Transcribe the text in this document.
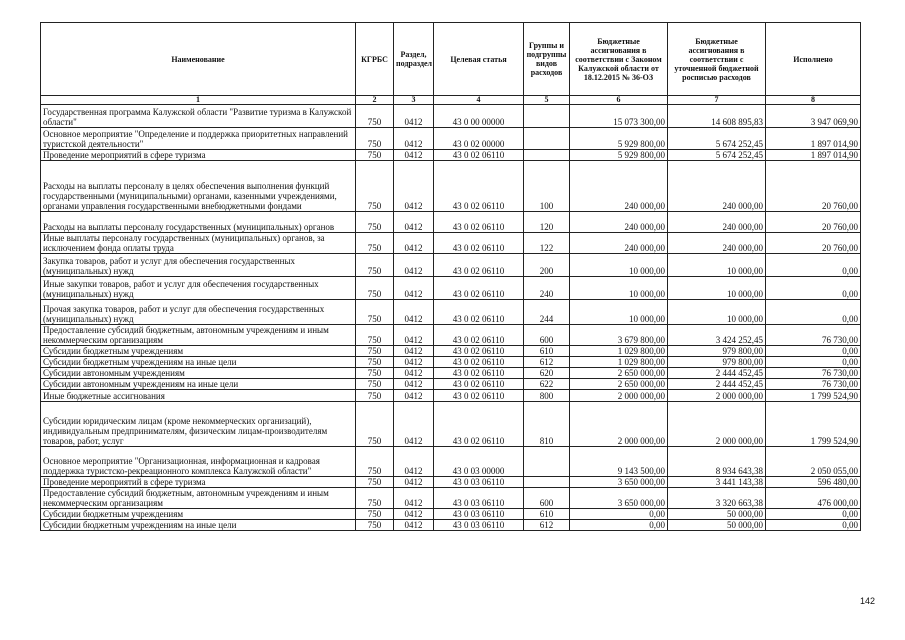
Наименование	КГРБС	Раздел, подраздел	Целевая статья	Группы и подгруппы видов расходов	Бюджетные ассигнования в соответствии с Законом Калужской области от 18.12.2015 № 36-ОЗ	Бюджетные ассигнования в соответствии с уточненной бюджетной росписью расходов	Исполнено
1	2	3	4	5	6	7	8
Государственная программа Калужской области "Развитие туризма в Калужской области"	750	0412	43 0 00 00000		15 073 300,00	14 608 895,83	3 947 069,90
Основное мероприятие "Определение и поддержка приоритетных направлений туристской деятельности"	750	0412	43 0 02 00000		5 929 800,00	5 674 252,45	1 897 014,90
Проведение мероприятий в сфере туризма	750	0412	43 0 02 06110		5 929 800,00	5 674 252,45	1 897 014,90
Расходы на выплаты персоналу в целях обеспечения выполнения функций государственными (муниципальными) органами, казенными учреждениями, органами управления государственными внебюджетными фондами	750	0412	43 0 02 06110	100	240 000,00	240 000,00	20 760,00
Расходы на выплаты персоналу государственных (муниципальных) органов	750	0412	43 0 02 06110	120	240 000,00	240 000,00	20 760,00
Иные выплаты персоналу государственных (муниципальных) органов, за исключением фонда оплаты труда	750	0412	43 0 02 06110	122	240 000,00	240 000,00	20 760,00
Закупка товаров, работ и услуг для обеспечения государственных (муниципальных) нужд	750	0412	43 0 02 06110	200	10 000,00	10 000,00	0,00
Иные закупки товаров, работ и услуг для обеспечения государственных (муниципальных) нужд	750	0412	43 0 02 06110	240	10 000,00	10 000,00	0,00
Прочая закупка товаров, работ и услуг для обеспечения государственных (муниципальных) нужд	750	0412	43 0 02 06110	244	10 000,00	10 000,00	0,00
Предоставление субсидий бюджетным, автономным учреждениям и иным некоммерческим организациям	750	0412	43 0 02 06110	600	3 679 800,00	3 424 252,45	76 730,00
Субсидии бюджетным учреждениям	750	0412	43 0 02 06110	610	1 029 800,00	979 800,00	0,00
Субсидии бюджетным учреждениям на иные цели	750	0412	43 0 02 06110	612	1 029 800,00	979 800,00	0,00
Субсидии автономным учреждениям	750	0412	43 0 02 06110	620	2 650 000,00	2 444 452,45	76 730,00
Субсидии автономным учреждениям на иные цели	750	0412	43 0 02 06110	622	2 650 000,00	2 444 452,45	76 730,00
Иные бюджетные ассигнования	750	0412	43 0 02 06110	800	2 000 000,00	2 000 000,00	1 799 524,90
Субсидии юридическим лицам (кроме некоммерческих организаций), индивидуальным предпринимателям, физическим лицам-производителям товаров, работ, услуг	750	0412	43 0 02 06110	810	2 000 000,00	2 000 000,00	1 799 524,90
Основное мероприятие "Организационная, информационная и кадровая поддержка туристско-рекреационного комплекса Калужской области"	750	0412	43 0 03 00000		9 143 500,00	8 934 643,38	2 050 055,00
Проведение мероприятий в сфере туризма	750	0412	43 0 03 06110		3 650 000,00	3 441 143,38	596 480,00
Предоставление субсидий бюджетным, автономным учреждениям и иным некоммерческим организациям	750	0412	43 0 03 06110	600	3 650 000,00	3 320 663,38	476 000,00
Субсидии бюджетным учреждениям	750	0412	43 0 03 06110	610	0,00	50 000,00	0,00
Субсидии бюджетным учреждениям на иные цели	750	0412	43 0 03 06110	612	0,00	50 000,00	0,00
142
